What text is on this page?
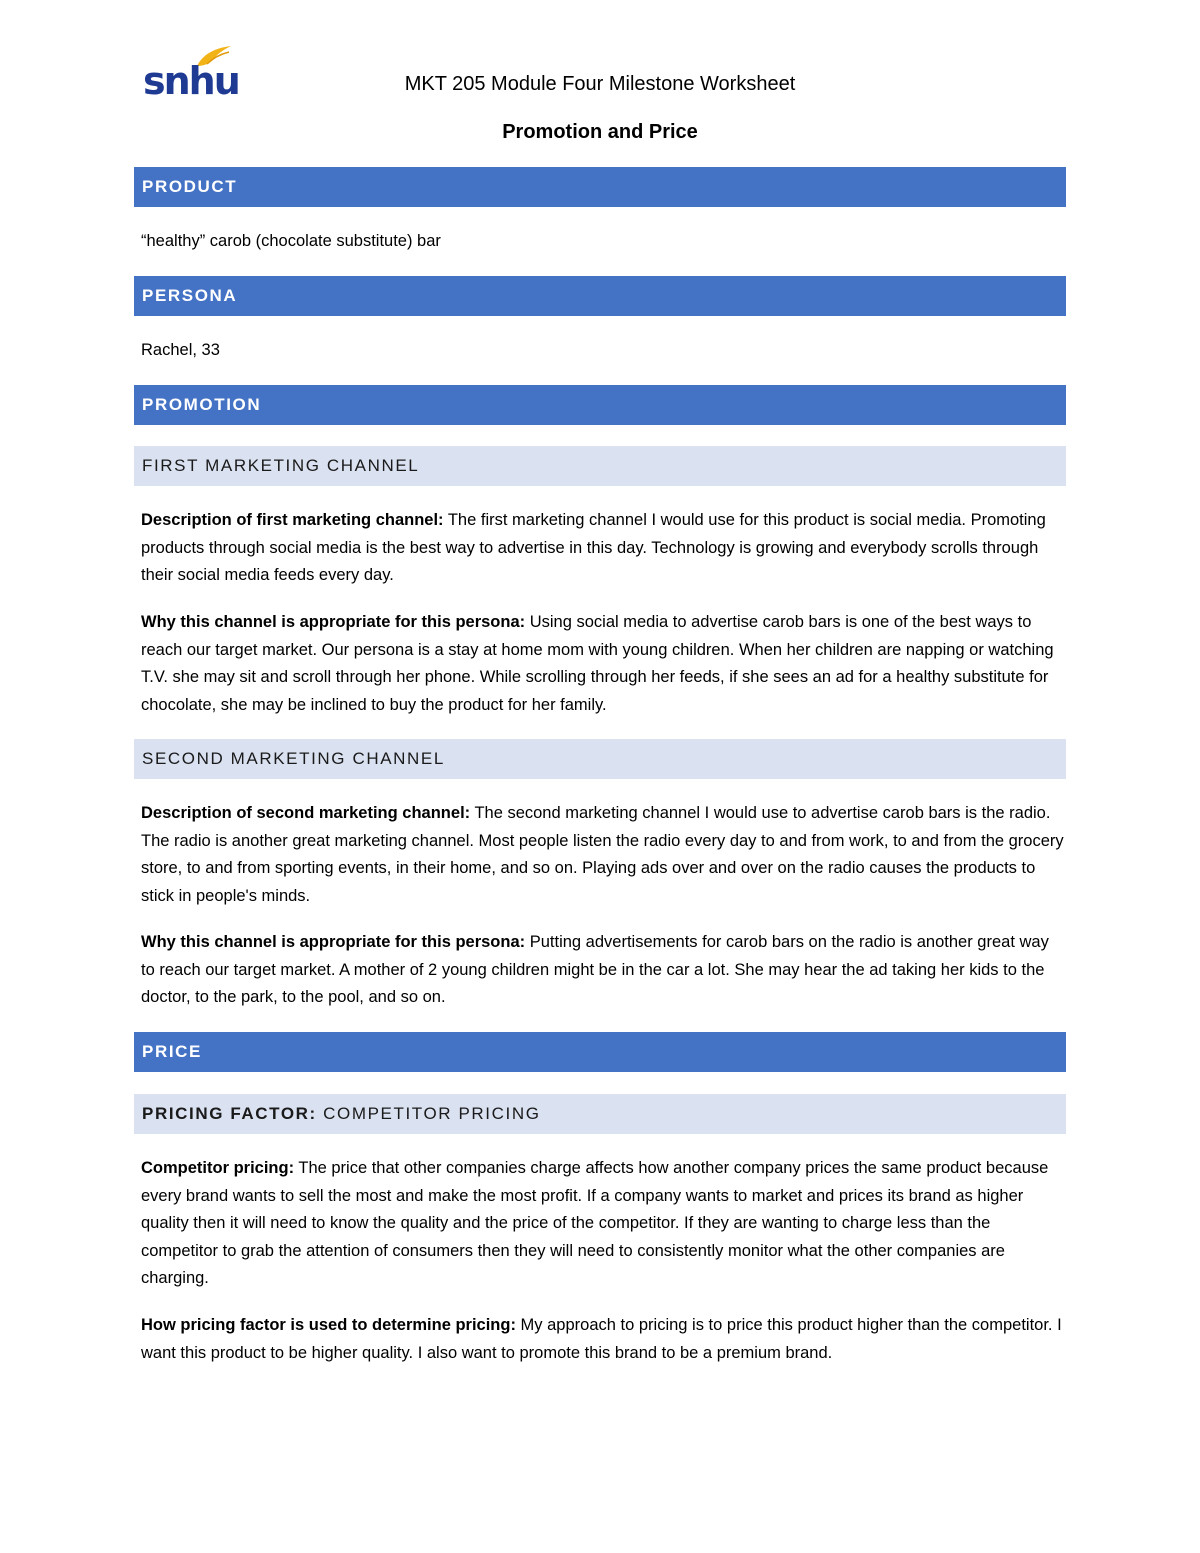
snhu	MKT 205 Module Four Milestone Worksheet
Promotion and Price
PRODUCT

“healthy” carob (chocolate substitute) bar

PERSONA

Rachel, 33

PROMOTION
FIRST MARKETING CHANNEL

Description of first marketing channel: The first marketing channel I would use for this product is social media. Promoting products through social media is the best way to advertise in this day. Technology is growing and everybody scrolls through their social media feeds every day.

Why this channel is appropriate for this persona: Using social media to advertise carob bars is one of the best ways to reach our target market. Our persona is a stay at home mom with young children. When her children are napping or watching T.V. she may sit and scroll through her phone. While scrolling through her feeds, if she sees an ad for a healthy substitute for chocolate, she may be inclined to buy the product for her family.

SECOND MARKETING CHANNEL

Description of second marketing channel: The second marketing channel I would use to advertise carob bars is the radio. The radio is another great marketing channel. Most people listen the radio every day to and from work, to and from the grocery store, to and from sporting events, in their home, and so on. Playing ads over and over on the radio causes the products to stick in people's minds.

Why this channel is appropriate for this persona: Putting advertisements for carob bars on the radio is another great way to reach our target market. A mother of 2 young children might be in the car a lot. She may hear the ad taking her kids to the doctor, to the park, to the pool, and so on.

PRICE
PRICING FACTOR: COMPETITOR PRICING

Competitor pricing: The price that other companies charge affects how another company prices the same product because every brand wants to sell the most and make the most profit. If a company wants to market and prices its brand as higher quality then it will need to know the quality and the price of the competitor. If they are wanting to charge less than the competitor to grab the attention of consumers then they will need to consistently monitor what the other companies are charging.

How pricing factor is used to determine pricing: My approach to pricing is to price this product higher than the competitor. I want this product to be higher quality. I also want to promote this brand to be a premium brand.
